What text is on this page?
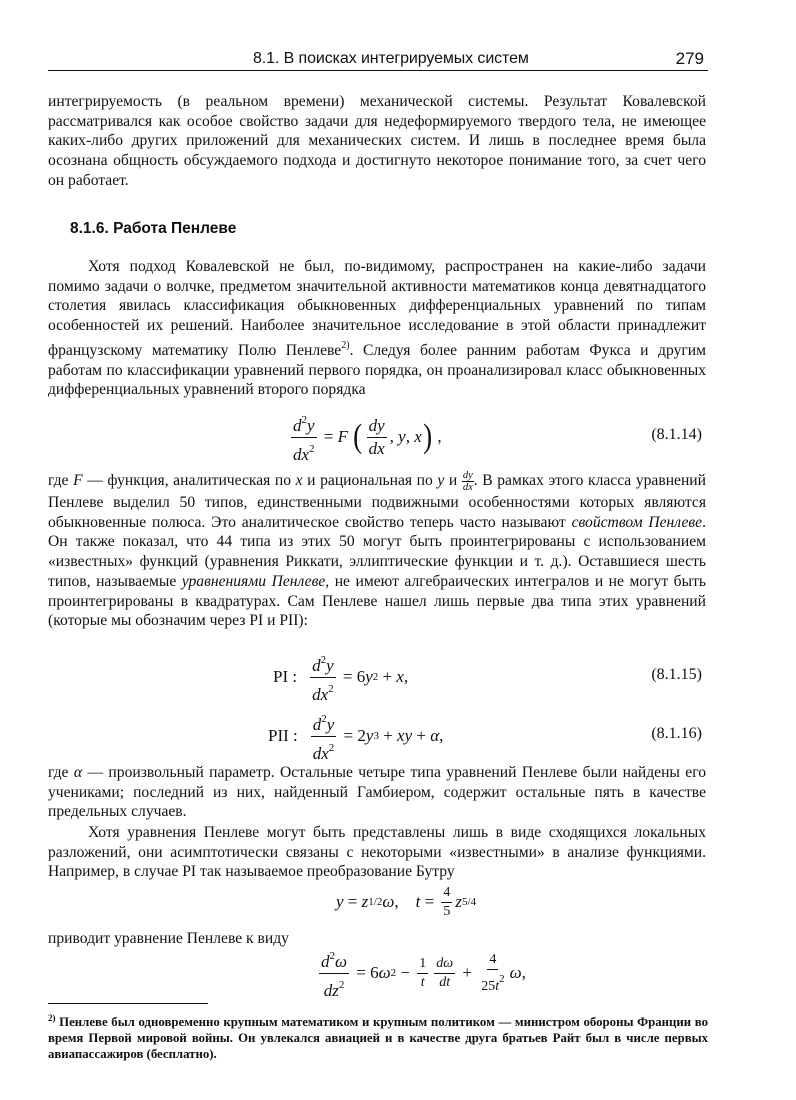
8.1. В поисках интегрируемых систем	279

интегрируемость (в реальном времени) механической системы. Результат Ковалевской рассматривался как особое свойство задачи для недеформируемого твердого тела, не имеющее каких-либо других приложений для механических систем. И лишь в последнее время была осознана общность обсуждаемого подхода и достигнуто некоторое понимание того, за счет чего он работает.

8.1.6. Работа Пенлеве

Хотя подход Ковалевской не был, по-видимому, распространен на какие-либо задачи помимо задачи о волчке, предметом значительной активности математиков конца девятнадцатого столетия явилась классификация обыкновенных дифференциальных уравнений по типам особенностей их решений. Наиболее значительное исследование в этой области принадлежит французскому математику Полю Пенлеве$^{2)}$. Следуя более ранним работам Фукса и другим работам по классификации уравнений первого порядка, он проанализировал класс обыкновенных дифференциальных уравнений второго порядка

$\frac{d^2y}{dx^2} = F$
( $\frac{dy}{dx}$ , y , x ) ,	(8.1.14)

где F — функция, аналитическая по x и рациональная по y и $\frac{dy}{dx}$ . В рамках этого класса уравнений Пенлеве выделил 50 типов, единственными подвижными особенностями которых являются обыкновенные полюса. Это аналитическое свойство теперь часто называют свойством Пенлеве. Он также показал, что 44 типа из этих 50 могут быть проинтегрированы с использованием «известных» функций (уравнения Риккати, эллиптические функции и т. д.). Оставшиеся шесть типов, называемые уравнениями Пенлеве, не имеют алгебраических интегралов и не могут быть проинтегрированы в квадратурах. Сам Пенлеве нашел лишь первые два типа этих уравнений (которые мы обозначим через PI и PII):

PI : $\frac{d^2y}{dx^2} = 6$ y 2 + x ,	(8.1.15)
PII : $\frac{d^2y}{dx^2} = 2$ y 3 + xy + α ,	(8.1.16)

где α — произвольный параметр. Остальные четыре типа уравнений Пенлеве были найдены его учениками; последний из них, найденный Гамбиером, содержит остальные пять в качестве предельных случаев.

Хотя уравнения Пенлеве могут быть представлены лишь в виде сходящихся локальных разложений, они асимптотически связаны с некоторыми «известными» в анализе функциями. Например, в случае PI так называемое преобразование Бутру

y = z 1/2 ω , $t = \frac{4}{5}$ z 5/4

приводит уравнение Пенлеве к виду

$\frac{d^2\omega}{dz^2} = 6$ ω $2 - \frac{1}{t} \frac{d\omega}{dt} + \frac{4}{25t^2}$ ω ,
$^{2)}$ Пенлеве был одновременно крупным математиком и крупным политиком — министром обороны Франции во время Первой мировой войны. Он увлекался авиацией и в качестве друга братьев Райт был в числе первых авиапассажиров (бесплатно).
